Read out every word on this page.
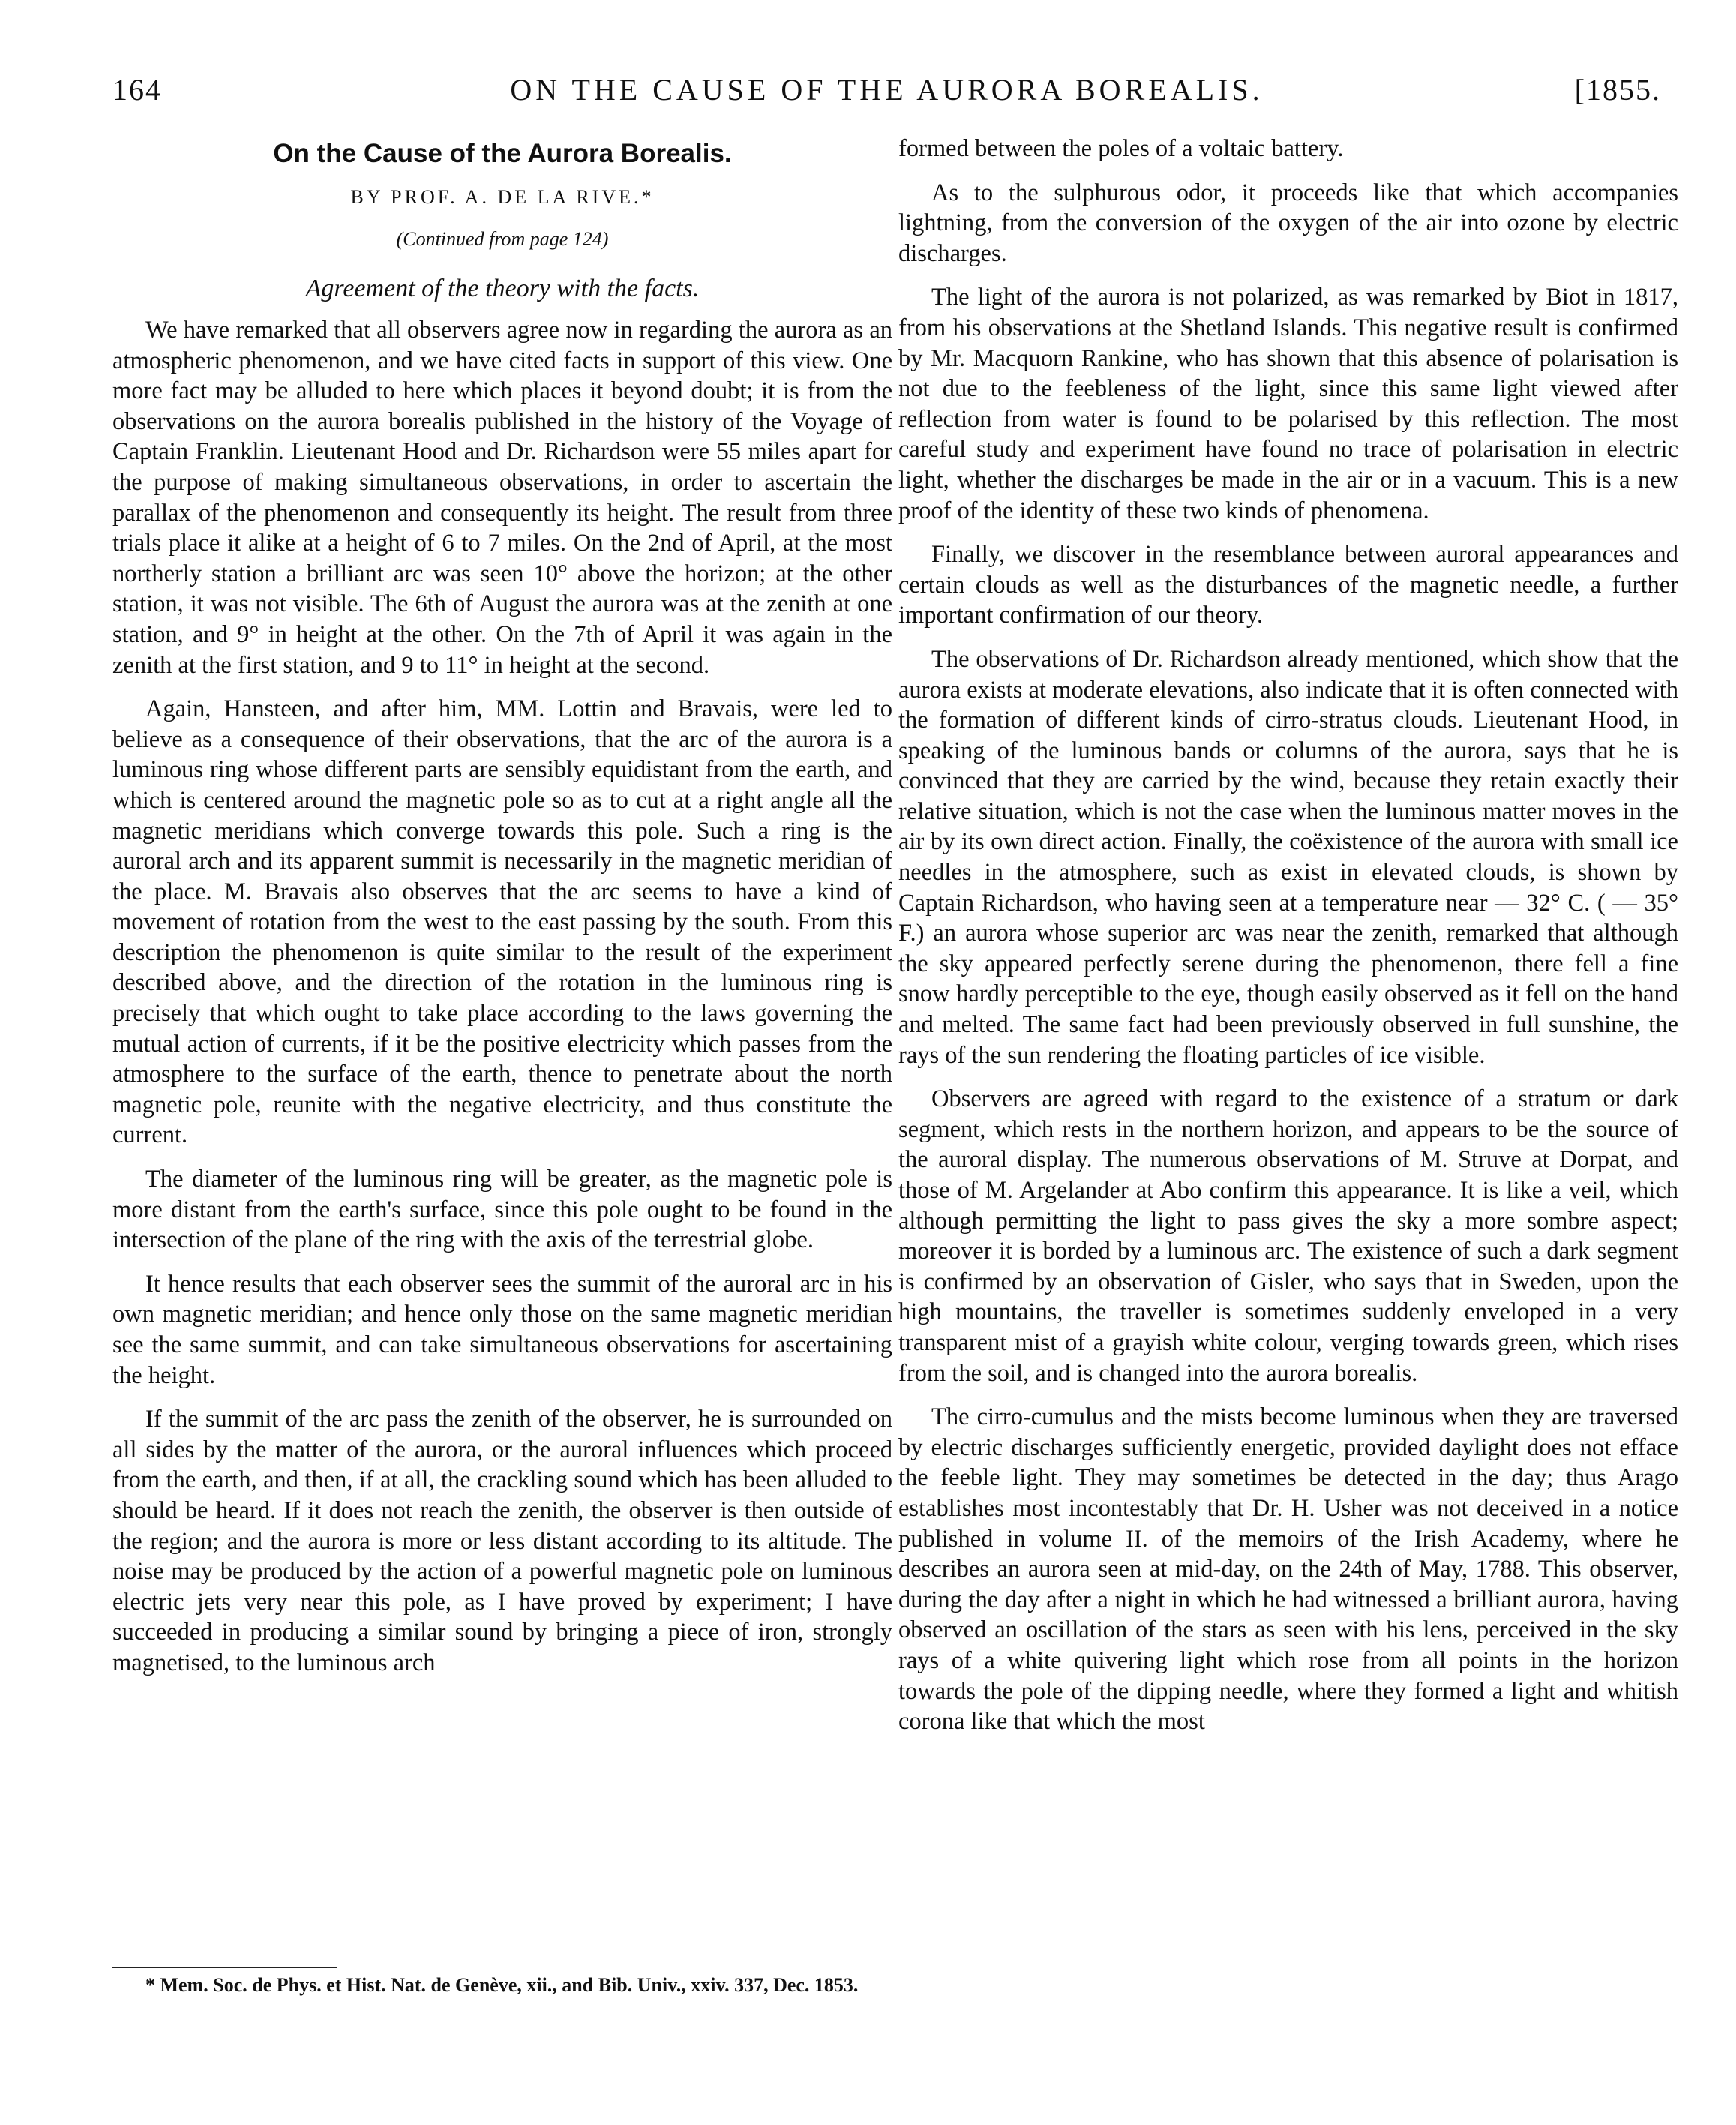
164	ON THE CAUSE OF THE AURORA BOREALIS.	[1855.
On the Cause of the Aurora Borealis.
BY PROF. A. DE LA RIVE.*
(Continued from page 124)
Agreement of the theory with the facts.

We have remarked that all observers agree now in regarding the aurora as an atmospheric phenomenon, and we have cited facts in support of this view. One more fact may be alluded to here which places it beyond doubt; it is from the observations on the aurora borealis published in the history of the Voyage of Captain Franklin. Lieutenant Hood and Dr. Richardson were 55 miles apart for the purpose of making simultaneous observations, in order to ascertain the parallax of the phenomenon and consequently its height. The result from three trials place it alike at a height of 6 to 7 miles. On the 2nd of April, at the most northerly station a brilliant arc was seen 10° above the horizon; at the other station, it was not visible. The 6th of August the aurora was at the zenith at one station, and 9° in height at the other. On the 7th of April it was again in the zenith at the first station, and 9 to 11° in height at the second.

Again, Hansteen, and after him, MM. Lottin and Bravais, were led to believe as a consequence of their observations, that the arc of the aurora is a luminous ring whose different parts are sensibly equidistant from the earth, and which is centered around the magnetic pole so as to cut at a right angle all the magnetic meridians which converge towards this pole. Such a ring is the auroral arch and its apparent summit is necessarily in the magnetic meridian of the place. M. Bravais also observes that the arc seems to have a kind of movement of rotation from the west to the east passing by the south. From this description the phenomenon is quite similar to the result of the experiment described above, and the direction of the rotation in the luminous ring is precisely that which ought to take place according to the laws governing the mutual action of currents, if it be the positive electricity which passes from the atmosphere to the surface of the earth, thence to penetrate about the north magnetic pole, reunite with the negative electricity, and thus constitute the current.

The diameter of the luminous ring will be greater, as the magnetic pole is more distant from the earth's surface, since this pole ought to be found in the intersection of the plane of the ring with the axis of the terrestrial globe.

It hence results that each observer sees the summit of the auroral arc in his own magnetic meridian; and hence only those on the same magnetic meridian see the same summit, and can take simultaneous observations for ascertaining the height.

If the summit of the arc pass the zenith of the observer, he is surrounded on all sides by the matter of the aurora, or the auroral influences which proceed from the earth, and then, if at all, the crackling sound which has been alluded to should be heard. If it does not reach the zenith, the observer is then outside of the region; and the aurora is more or less distant according to its altitude. The noise may be produced by the action of a powerful magnetic pole on luminous electric jets very near this pole, as I have proved by experiment; I have succeeded in producing a similar sound by bringing a piece of iron, strongly magnetised, to the luminous arch

formed between the poles of a voltaic battery.

As to the sulphurous odor, it proceeds like that which accompanies lightning, from the conversion of the oxygen of the air into ozone by electric discharges.

The light of the aurora is not polarized, as was remarked by Biot in 1817, from his observations at the Shetland Islands. This negative result is confirmed by Mr. Macquorn Rankine, who has shown that this absence of polarisation is not due to the feebleness of the light, since this same light viewed after reflection from water is found to be polarised by this reflection. The most careful study and experiment have found no trace of polarisation in electric light, whether the discharges be made in the air or in a vacuum. This is a new proof of the identity of these two kinds of phenomena.

Finally, we discover in the resemblance between auroral appearances and certain clouds as well as the disturbances of the magnetic needle, a further important confirmation of our theory.

The observations of Dr. Richardson already mentioned, which show that the aurora exists at moderate elevations, also indicate that it is often connected with the formation of different kinds of cirro-stratus clouds. Lieutenant Hood, in speaking of the luminous bands or columns of the aurora, says that he is convinced that they are carried by the wind, because they retain exactly their relative situation, which is not the case when the luminous matter moves in the air by its own direct action. Finally, the coëxistence of the aurora with small ice needles in the atmosphere, such as exist in elevated clouds, is shown by Captain Richardson, who having seen at a temperature near — 32° C. ( — 35° F.) an aurora whose superior arc was near the zenith, remarked that although the sky appeared perfectly serene during the phenomenon, there fell a fine snow hardly perceptible to the eye, though easily observed as it fell on the hand and melted. The same fact had been previously observed in full sunshine, the rays of the sun rendering the floating particles of ice visible.

Observers are agreed with regard to the existence of a stratum or dark segment, which rests in the northern horizon, and appears to be the source of the auroral display. The numerous observations of M. Struve at Dorpat, and those of M. Argelander at Abo confirm this appearance. It is like a veil, which although permitting the light to pass gives the sky a more sombre aspect; moreover it is borded by a luminous arc. The existence of such a dark segment is confirmed by an observation of Gisler, who says that in Sweden, upon the high mountains, the traveller is sometimes suddenly enveloped in a very transparent mist of a grayish white colour, verging towards green, which rises from the soil, and is changed into the aurora borealis.

The cirro-cumulus and the mists become luminous when they are traversed by electric discharges sufficiently energetic, provided daylight does not efface the feeble light. They may sometimes be detected in the day; thus Arago establishes most incontestably that Dr. H. Usher was not deceived in a notice published in volume II. of the memoirs of the Irish Academy, where he describes an aurora seen at mid-day, on the 24th of May, 1788. This observer, during the day after a night in which he had witnessed a brilliant aurora, having observed an oscillation of the stars as seen with his lens, perceived in the sky rays of a white quivering light which rose from all points in the horizon towards the pole of the dipping needle, where they formed a light and whitish corona like that which the most

* Mem. Soc. de Phys. et Hist. Nat. de Genève, xii., and Bib. Univ., xxiv. 337, Dec. 1853.
